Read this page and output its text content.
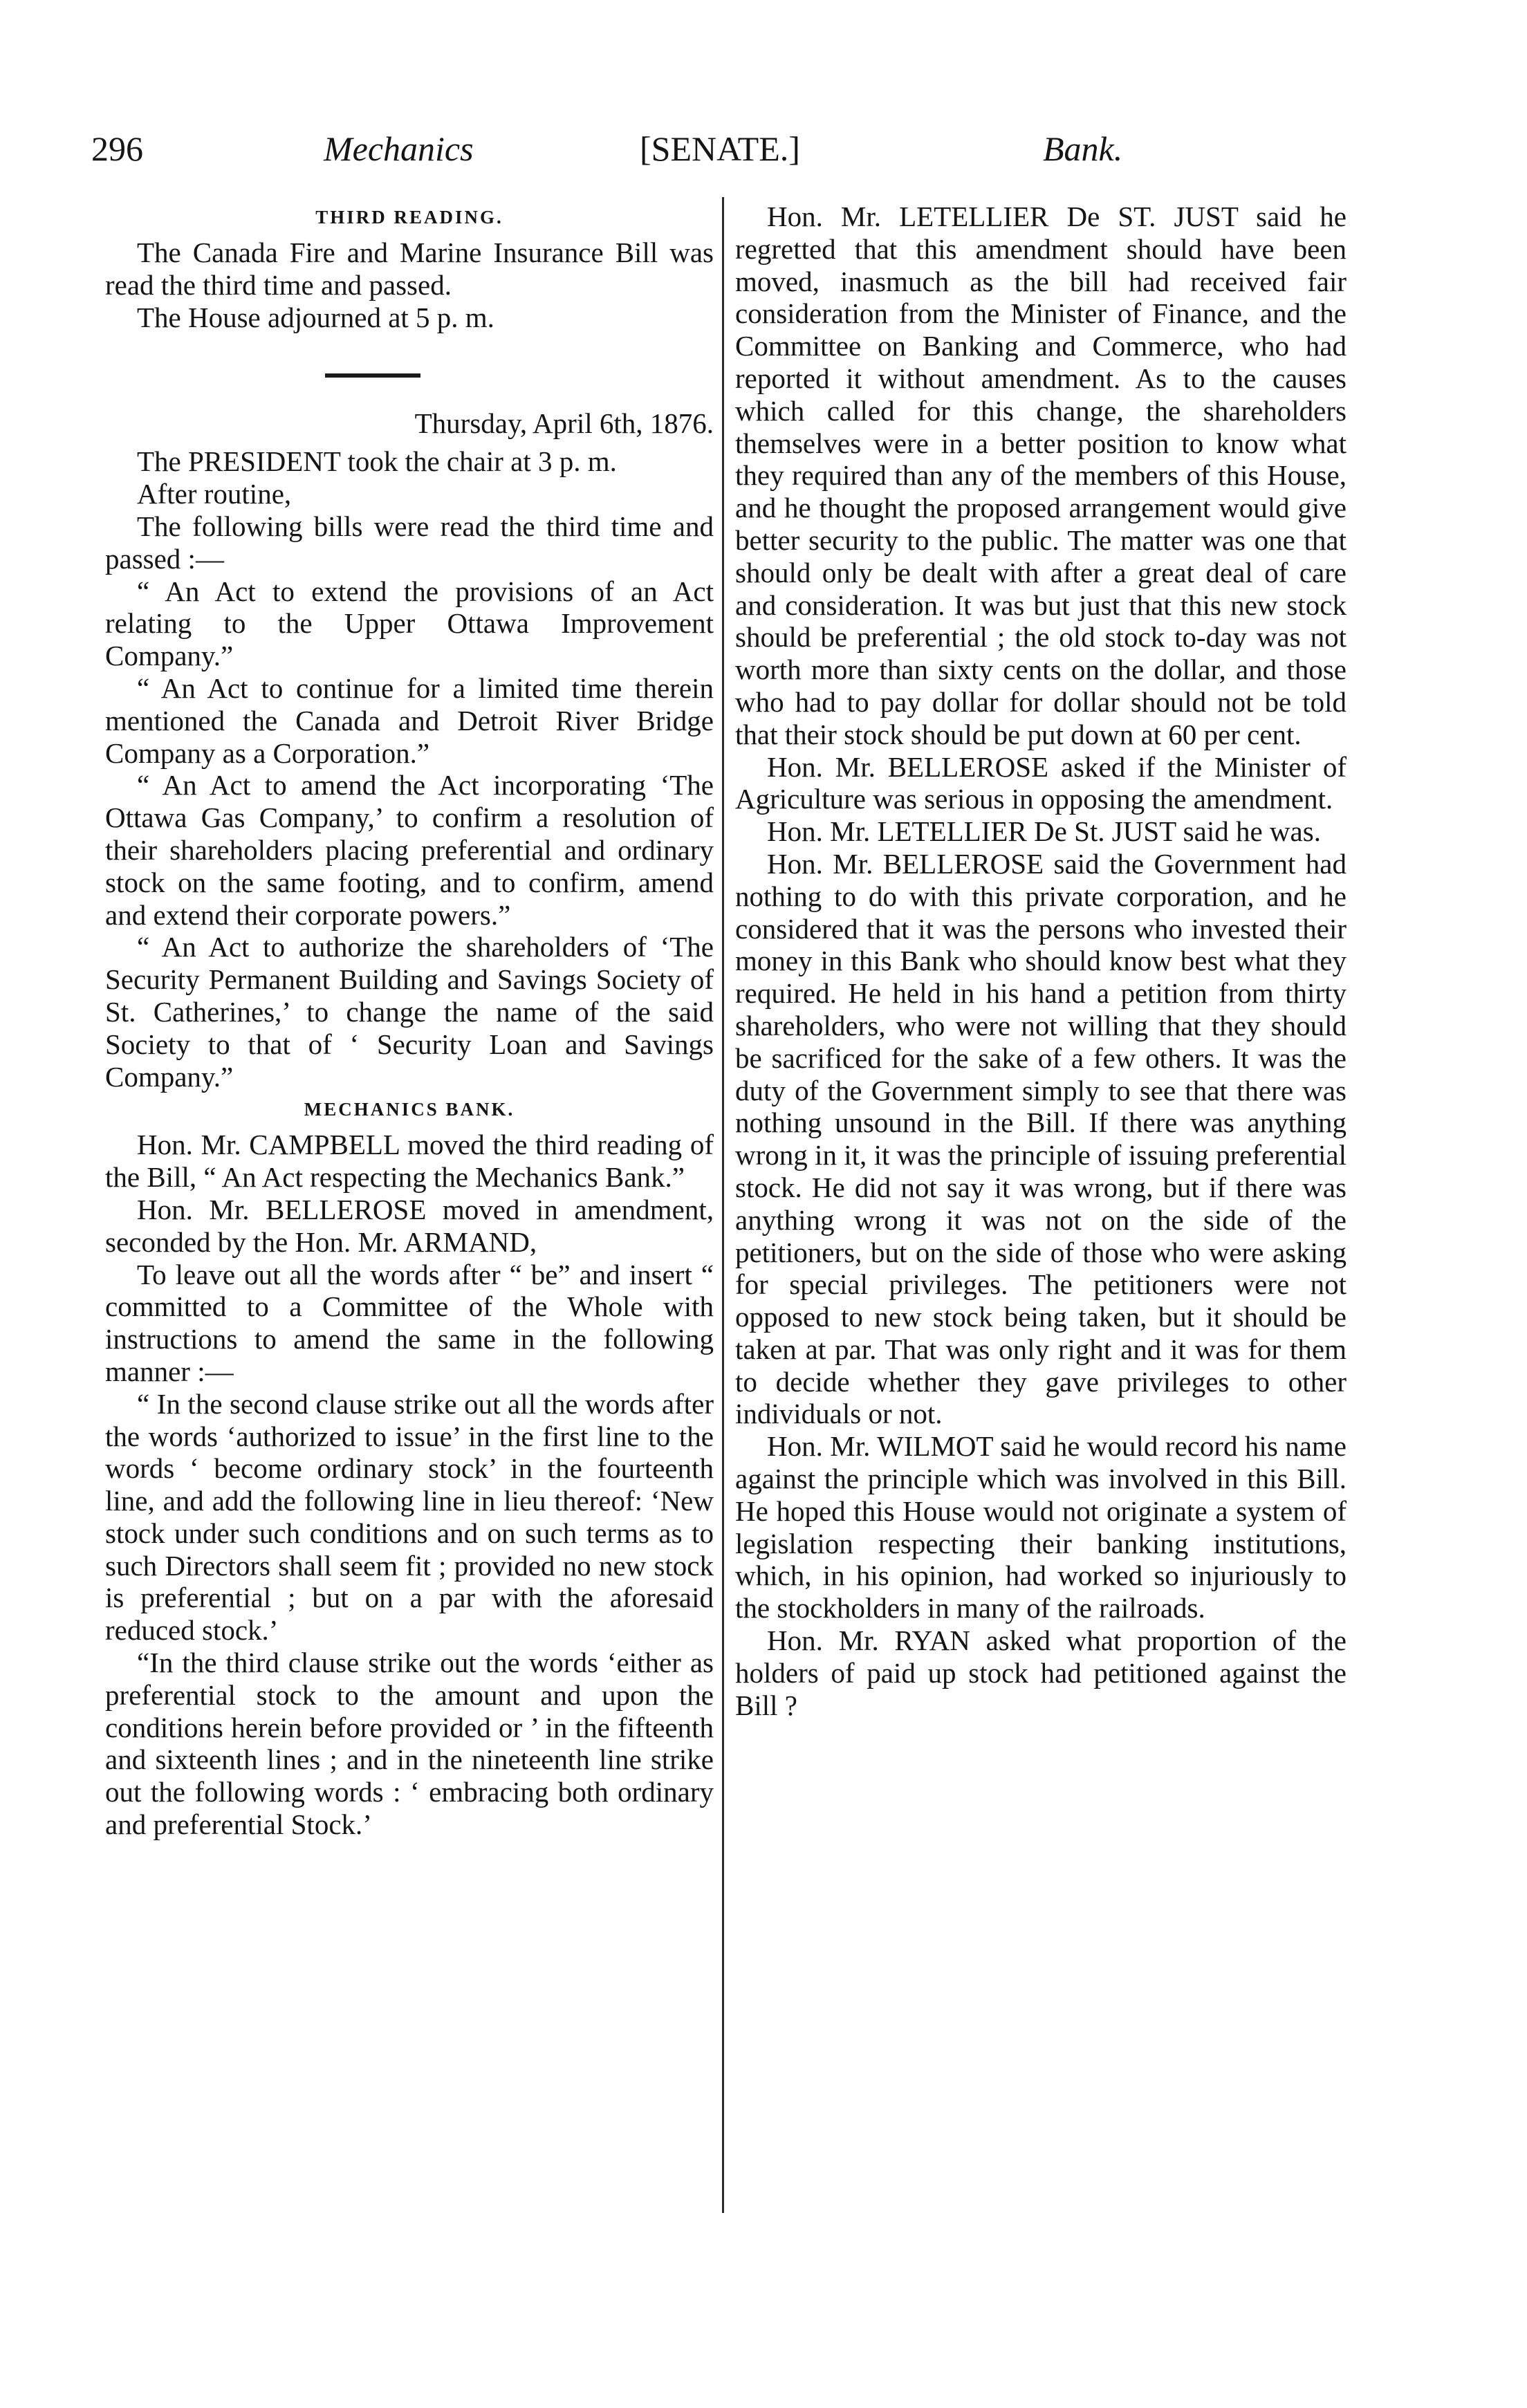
296	Mechanics	[SENATE.]	Bank.
THIRD READING.

The Canada Fire and Marine Insurance Bill was read the third time and passed.

The House adjourned at 5 p. m.

Thursday, April 6th, 1876.

The PRESIDENT took the chair at 3 p. m.

After routine,

The following bills were read the third time and passed :—

“ An Act to extend the provisions of an Act relating to the Upper Ottawa Improvement Company.”

“ An Act to continue for a limited time therein mentioned the Canada and Detroit River Bridge Company as a Corporation.”

“ An Act to amend the Act incorporating ‘The Ottawa Gas Company,’ to confirm a resolution of their shareholders placing preferential and ordinary stock on the same footing, and to confirm, amend and extend their corporate powers.”

“ An Act to authorize the shareholders of ‘The Security Permanent Building and Savings Society of St. Catherines,’ to change the name of the said Society to that of ‘ Security Loan and Savings Company.”

MECHANICS BANK.

Hon. Mr. CAMPBELL moved the third reading of the Bill, “ An Act respecting the Mechanics Bank.”

Hon. Mr. BELLEROSE moved in amendment, seconded by the Hon. Mr. ARMAND,

To leave out all the words after “ be” and insert “ committed to a Committee of the Whole with instructions to amend the same in the following manner :—

“ In the second clause strike out all the words after the words ‘authorized to issue’ in the first line to the words ‘ become ordinary stock’ in the fourteenth line, and add the following line in lieu thereof: ‘New stock under such conditions and on such terms as to such Directors shall seem fit ; provided no new stock is preferential ; but on a par with the aforesaid reduced stock.’

“In the third clause strike out the words ‘either as preferential stock to the amount and upon the conditions herein before provided or ’ in the fifteenth and sixteenth lines ; and in the nineteenth line strike out the following words : ‘ embracing both ordinary and preferential Stock.’

Hon. Mr. LETELLIER De ST. JUST said he regretted that this amendment should have been moved, inasmuch as the bill had received fair consideration from the Minister of Finance, and the Committee on Banking and Commerce, who had reported it without amendment. As to the causes which called for this change, the shareholders themselves were in a better position to know what they required than any of the members of this House, and he thought the proposed arrangement would give better security to the public. The matter was one that should only be dealt with after a great deal of care and consideration. It was but just that this new stock should be preferential ; the old stock to-day was not worth more than sixty cents on the dollar, and those who had to pay dollar for dollar should not be told that their stock should be put down at 60 per cent.

Hon. Mr. BELLEROSE asked if the Minister of Agriculture was serious in opposing the amendment.

Hon. Mr. LETELLIER De St. JUST said he was.

Hon. Mr. BELLEROSE said the Government had nothing to do with this private corporation, and he considered that it was the persons who invested their money in this Bank who should know best what they required. He held in his hand a petition from thirty shareholders, who were not willing that they should be sacrificed for the sake of a few others. It was the duty of the Government simply to see that there was nothing unsound in the Bill. If there was anything wrong in it, it was the principle of issuing preferential stock. He did not say it was wrong, but if there was anything wrong it was not on the side of the petitioners, but on the side of those who were asking for special privileges. The petitioners were not opposed to new stock being taken, but it should be taken at par. That was only right and it was for them to decide whether they gave privileges to other individuals or not.

Hon. Mr. WILMOT said he would record his name against the principle which was involved in this Bill. He hoped this House would not originate a system of legislation respecting their banking institutions, which, in his opinion, had worked so injuriously to the stockholders in many of the railroads.

Hon. Mr. RYAN asked what proportion of the holders of paid up stock had petitioned against the Bill ?
